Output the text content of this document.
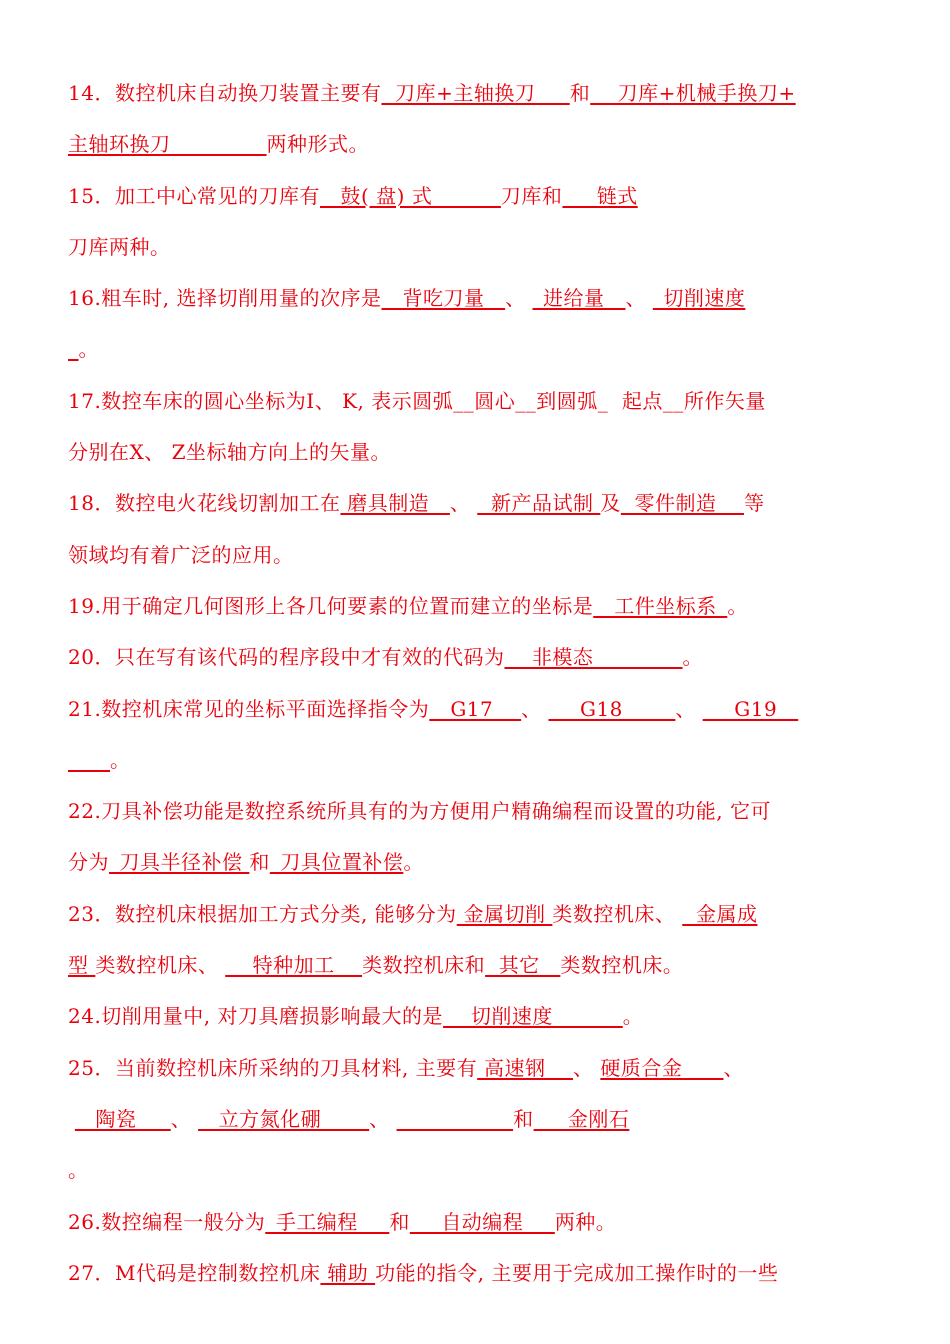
14．数控机床自动换刀装置主要有  刀库+主轴换刀     和    刀库+机械手换刀+
主轴环换刀              两种形式。
15．加工中心常见的刀库有   鼓( 盘) 式          刀库和     链式
刀库两种。
16.粗车时, 选择切削用量的次序是__背吃刀量   、 _进给量__、 _切削速度
_。
17.数控车床的圆心坐标为I、 K, 表示圆弧__圆心__到圆弧_  起点__所作矢量
分别在X、 Z坐标轴方向上的矢量。
18．数控电火花线切割加工在 磨具制造   、   新产品试制 及  零件制造    等
领域均有着广泛的应用。
19.用于确定几何图形上各几何要素的位置而建立的坐标是__工件坐标系_。
20．只在写有该代码的程序段中才有效的代码为    非模态             。
21.数控机床常见的坐标平面选择指令为__G17 __、 ___G18_____、 ___G19__
____。
22.刀具补偿功能是数控系统所具有的为方便用户精确编程而设置的功能, 它可
分为_刀具半径补偿 和_刀具位置补偿。
23．数控机床根据加工方式分类, 能够分为 金属切削 类数控机床、   金属成
型 类数控机床、     特种加工    类数控机床和  其它   类数控机床。
24.切削用量中, 对刀具磨损影响最大的是__ 切削速度 ______。
25．当前数控机床所采纳的刀具材料, 主要有 高速钢    、 硬质合金      、
陶瓷     、    立方氮化硼       、	和     金刚石
。
26.数控编程一般分为_手工编程___和___自动编程___两种。
27．M代码是控制数控机床 辅助 功能的指令, 主要用于完成加工操作时的一些
